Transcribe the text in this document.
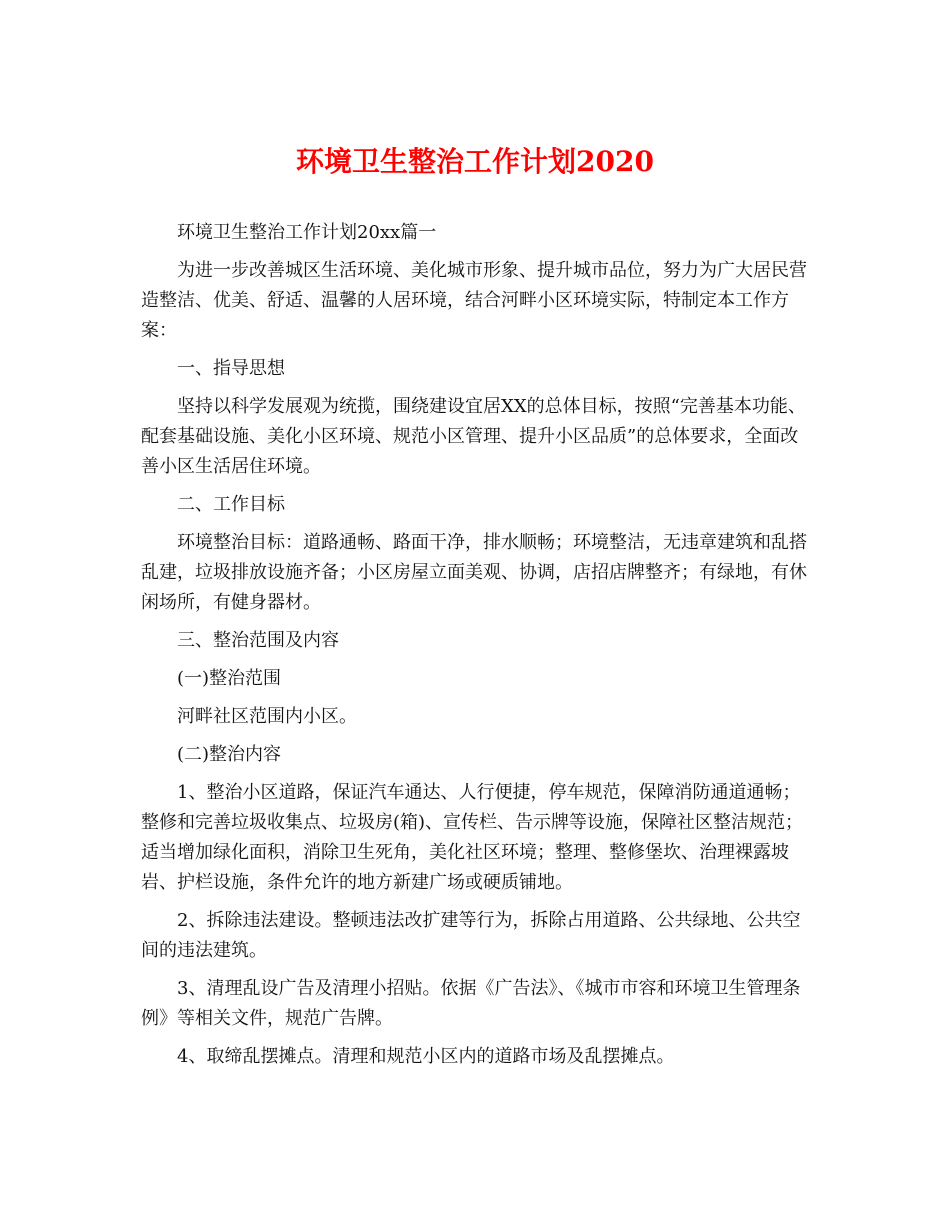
环境卫生整治工作计划2020

环境卫生整治工作计划20xx篇一

为进一步改善城区生活环境、美化城市形象、提升城市品位，努力为广大居民营造整洁、优美、舒适、温馨的人居环境，结合河畔小区环境实际，特制定本工作方案：

一、指导思想

坚持以科学发展观为统揽，围绕建设宜居XX的总体目标，按照“完善基本功能、配套基础设施、美化小区环境、规范小区管理、提升小区品质”的总体要求，全面改善小区生活居住环境。

二、工作目标

环境整治目标：道路通畅、路面干净，排水顺畅；环境整洁，无违章建筑和乱搭乱建，垃圾排放设施齐备；小区房屋立面美观、协调，店招店牌整齐；有绿地，有休闲场所，有健身器材。

三、整治范围及内容

(一)整治范围

河畔社区范围内小区。

(二)整治内容

1、整治小区道路，保证汽车通达、人行便捷，停车规范，保障消防通道通畅；整修和完善垃圾收集点、垃圾房(箱)、宣传栏、告示牌等设施，保障社区整洁规范；适当增加绿化面积，消除卫生死角，美化社区环境；整理、整修堡坎、治理裸露坡岩、护栏设施，条件允许的地方新建广场或硬质铺地。

2、拆除违法建设。整顿违法改扩建等行为，拆除占用道路、公共绿地、公共空间的违法建筑。

3、清理乱设广告及清理小招贴。依据《广告法》、《城市市容和环境卫生管理条例》等相关文件，规范广告牌。

4、取缔乱摆摊点。清理和规范小区内的道路市场及乱摆摊点。
